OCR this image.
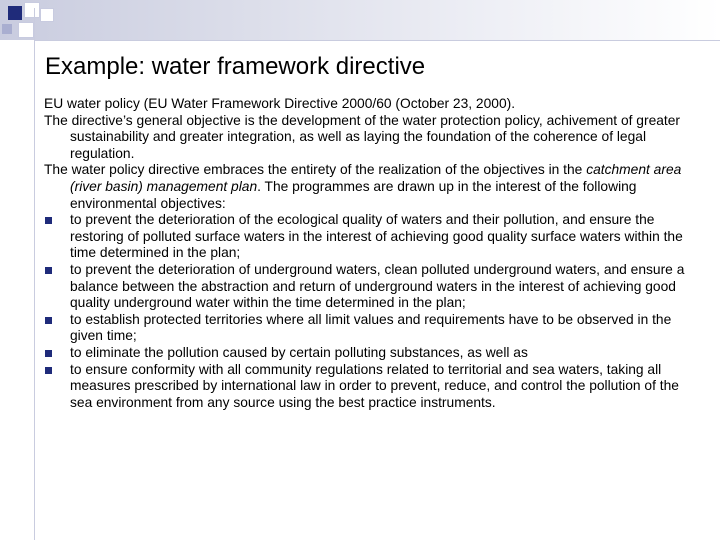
Example: water framework directive

EU water policy (EU Water Framework Directive 2000/60 (October 23, 2000).

The directive’s general objective is the development of the water protection policy, achivement of greater sustainability and greater integration, as well as laying the foundation of the coherence of legal regulation.

The water policy directive embraces the entirety of the realization of the objectives in the catchment area (river basin) management plan. The programmes are drawn up in the interest of the following environmental objectives:

to prevent the deterioration of the ecological quality of waters and their pollution, and ensure the restoring of polluted surface waters in the interest of achieving good quality surface waters within the time determined in the plan;
to prevent the deterioration of underground waters, clean polluted underground waters, and ensure a balance between the abstraction and return of underground waters in the interest of achieving good quality underground water within the time determined in the plan;
to establish protected territories where all limit values and requirements have to be observed in the given time;
to eliminate the pollution caused by certain polluting substances, as well as
to ensure conformity with all community regulations related to territorial and sea waters, taking all measures prescribed by international law in order to prevent, reduce, and control the pollution of the sea environment from any source using the best practice instruments.
